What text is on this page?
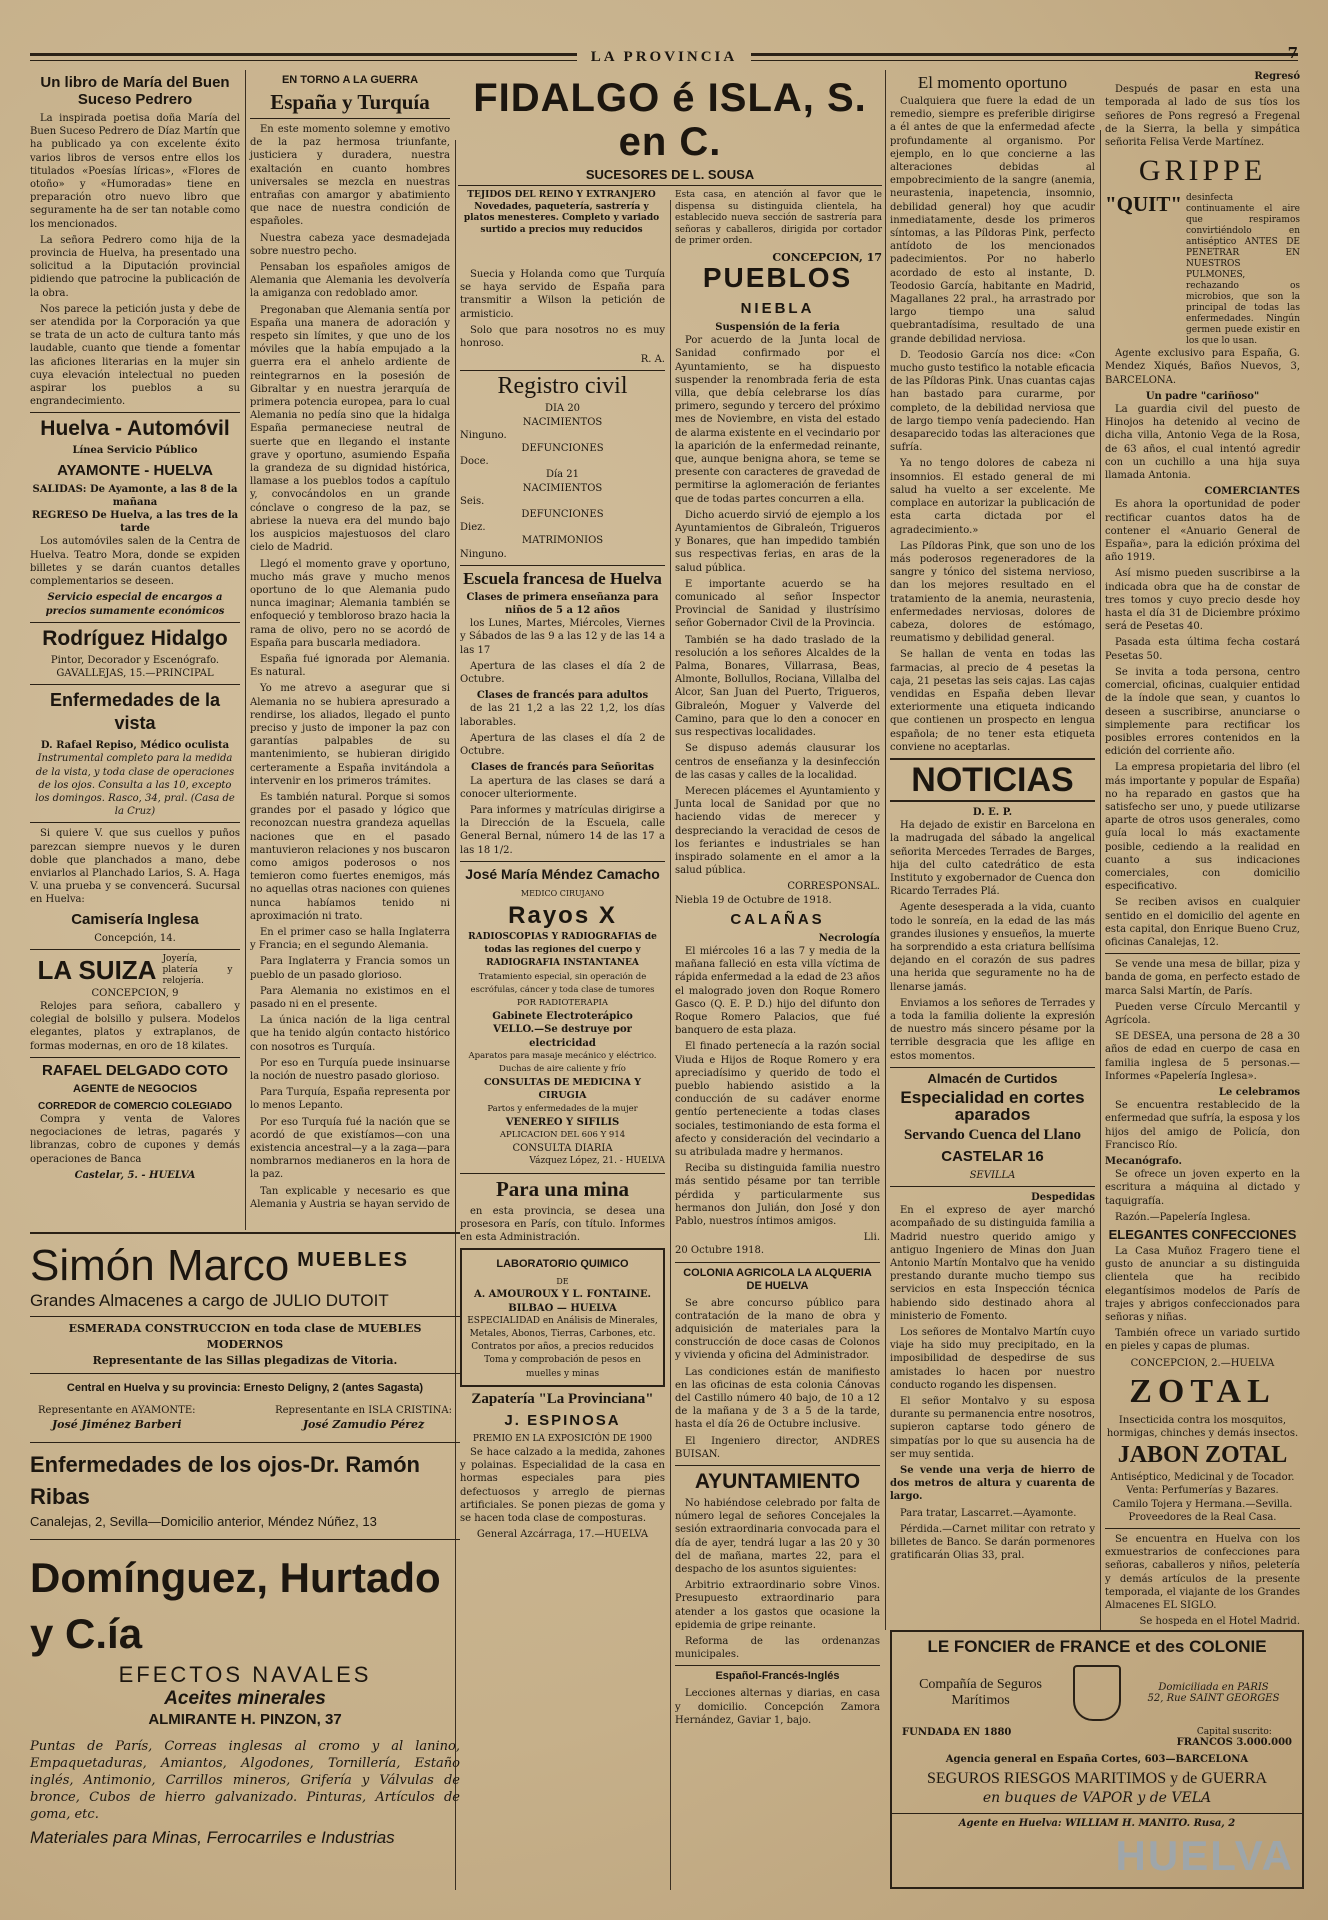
LA PROVINCIA	7
Un libro de María del Buen Suceso Pedrero

La inspirada poetisa doña María del Buen Suceso Pedrero de Díaz Martín que ha publicado ya con excelente éxito varios libros de versos entre ellos los titulados «Poesías líricas», «Flores de otoño» y «Humoradas» tiene en preparación otro nuevo libro que seguramente ha de ser tan notable como los mencionados.

La señora Pedrero como hija de la provincia de Huelva, ha presentado una solicitud a la Diputación provincial pidiendo que patrocine la publicación de la obra.

Nos parece la petición justa y debe de ser atendida por la Corporación ya que se trata de un acto de cultura tanto más laudable, cuanto que tiende a fomentar las aficiones literarias en la mujer sin cuya elevación intelectual no pueden aspirar los pueblos a su engrandecimiento.

Huelva - Automóvil
Línea Servicio Público
AYAMONTE - HUELVA
SALIDAS: De Ayamonte, a las 8 de la mañana
REGRESO De Huelva, a las tres de la tarde

Los automóviles salen de la Centra de Huelva. Teatro Mora, donde se expiden billetes y se darán cuantos detalles complementarios se deseen.

Servicio especial de encargos a precios sumamente económicos
Rodríguez Hidalgo
Pintor, Decorador y Escenógrafo. GAVALLEJAS, 15.—PRINCIPAL
Enfermedades de la vista
D. Rafael Repiso, Médico oculista
Instrumental completo para la medida de la vista, y toda clase de operaciones de los ojos. Consulta a las 10, excepto los domingos. Rasco, 34, pral. (Casa de la Cruz)

Si quiere V. que sus cuellos y puños parezcan siempre nuevos y le duren doble que planchados a mano, debe enviarlos al Planchado Larios, S. A. Haga V. una prueba y se convencerá. Sucursal en Huelva:

Camisería Inglesa
Concepción, 14.
LA SUIZA Joyería, platería y relojería.
CONCEPCION, 9

Relojes para señora, caballero y colegial de bolsillo y pulsera. Modelos elegantes, platos y extraplanos, de formas modernas, en oro de 18 kilates.

RAFAEL DELGADO COTO
AGENTE de NEGOCIOS
CORREDOR de COMERCIO COLEGIADO

Compra y venta de Valores negociaciones de letras, pagarés y libranzas, cobro de cupones y demás operaciones de Banca

Castelar, 5. - HUELVA
EN TORNO A LA GUERRA
España y Turquía

En este momento solemne y emotivo de la paz hermosa triunfante, justiciera y duradera, nuestra exaltación en cuanto hombres universales se mezcla en nuestras entrañas con amargor y abatimiento que nace de nuestra condición de españoles.

Nuestra cabeza yace desmadejada sobre nuestro pecho.

Pensaban los españoles amigos de Alemania que Alemania les devolvería la amiganza con redoblado amor.

Pregonaban que Alemania sentía por España una manera de adoración y respeto sin límites, y que uno de los móviles que la había empujado a la guerra era el anhelo ardiente de reintegrarnos en la posesión de Gibraltar y en nuestra jerarquía de primera potencia europea, para lo cual Alemania no pedía sino que la hidalga España permaneciese neutral de suerte que en llegando el instante grave y oportuno, asumiendo España la grandeza de su dignidad histórica, llamase a los pueblos todos a capítulo y, convocándolos en un grande cónclave o congreso de la paz, se abriese la nueva era del mundo bajo los auspicios majestuosos del claro cielo de Madrid.

Llegó el momento grave y oportuno, mucho más grave y mucho menos oportuno de lo que Alemania pudo nunca imaginar; Alemania también se enfoqueció y tembloroso brazo hacia la rama de olivo, pero no se acordó de España para buscarla mediadora.

España fué ignorada por Alemania. Es natural.

Yo me atrevo a asegurar que si Alemania no se hubiera apresurado a rendirse, los aliados, llegado el punto preciso y justo de imponer la paz con garantías palpables de su mantenimiento, se hubieran dirigido certeramente a España invitándola a intervenir en los primeros trámites.

Es también natural. Porque si somos grandes por el pasado y lógico que reconozcan nuestra grandeza aquellas naciones que en el pasado mantuvieron relaciones y nos buscaron como amigos poderosos o nos temieron como fuertes enemigos, más no aquellas otras naciones con quienes nunca habíamos tenido ni aproximación ni trato.

En el primer caso se halla Inglaterra y Francia; en el segundo Alemania.

Para Inglaterra y Francia somos un pueblo de un pasado glorioso.

Para Alemania no existimos en el pasado ni en el presente.

La única nación de la liga central que ha tenido algún contacto histórico con nosotros es Turquía.

Por eso en Turquía puede insinuarse la noción de nuestro pasado glorioso.

Para Turquía, España representa por lo menos Lepanto.

Por eso Turquía fué la nación que se acordó de que existíamos—con una existencia ancestral—y a la zaga—para nombrarnos medianeros en la hora de la paz.

Tan explicable y necesario es que Alemania y Austria se hayan servido de

FIDALGO é ISLA, S. en C.
SUCESORES DE L. SOUSA
TEJIDOS DEL REINO Y EXTRANJERO Novedades, paquetería, sastrería y platos menesteres. Completo y variado surtido a precios muy reducidos
Esta casa, en atención al favor que le dispensa su distinguida clientela, ha establecido nueva sección de sastrería para señoras y caballeros, dirigida por cortador de primer orden.
CONCEPCION, 17

Suecia y Holanda como que Turquía se haya servido de España para transmitir a Wilson la petición de armisticio.

Solo que para nosotros no es muy honroso.

R. A.
Registro civil
DIA 20
NACIMIENTOS
Ninguno.
DEFUNCIONES
Doce.
Día 21
NACIMIENTOS
Seis.
DEFUNCIONES
Diez.
MATRIMONIOS
Ninguno.
Escuela francesa de Huelva
Clases de primera enseñanza para niños de 5 a 12 años

los Lunes, Martes, Miércoles, Viernes y Sábados de las 9 a las 12 y de las 14 a las 17

Apertura de las clases el día 2 de Octubre.

Clases de francés para adultos

de las 21 1,2 a las 22 1,2, los días laborables.

Apertura de las clases el día 2 de Octubre.

Clases de francés para Señoritas

La apertura de las clases se dará a conocer ulteriormente.

Para informes y matrículas dirigirse a la Dirección de la Escuela, calle General Bernal, número 14 de las 17 a las 18 1/2.

José María Méndez Camacho
MEDICO CIRUJANO
Rayos X
RADIOSCOPIAS Y RADIOGRAFIAS de todas las regiones del cuerpo y RADIOGRAFIA INSTANTANEA
Tratamiento especial, sin operación de escrófulas, cáncer y toda clase de tumores POR RADIOTERAPIA
Gabinete Electroterápico
VELLO.—Se destruye por electricidad
Aparatos para masaje mecánico y eléctrico. Duchas de aire caliente y frío
CONSULTAS DE MEDICINA Y CIRUGIA
Partos y enfermedades de la mujer
VENEREO Y SIFILIS
APLICACION DEL 606 Y 914
CONSULTA DIARIA
Vázquez López, 21. - HUELVA
Para una mina

en esta provincia, se desea una prosesora en París, con título. Informes en esta Administración.

LABORATORIO QUIMICO
DE
A. AMOUROUX Y L. FONTAINE.
BILBAO — HUELVA
ESPECIALIDAD en Análisis de Minerales, Metales, Abonos, Tierras, Carbones, etc.
Contratos por años, a precios reducidos
Toma y comprobación de pesos en muelles y minas
Zapatería "La Provinciana"
J. ESPINOSA
PREMIO EN LA EXPOSICIÓN DE 1900

Se hace calzado a la medida, zahones y polainas. Especialidad de la casa en hormas especiales para pies defectuosos y arreglo de piernas artificiales. Se ponen piezas de goma y se hacen toda clase de composturas.

General Azcárraga, 17.—HUELVA
PUEBLOS
NIEBLA
Suspensión de la feria

Por acuerdo de la Junta local de Sanidad confirmado por el Ayuntamiento, se ha dispuesto suspender la renombrada feria de esta villa, que debía celebrarse los días primero, segundo y tercero del próximo mes de Noviembre, en vista del estado de alarma existente en el vecindario por la aparición de la enfermedad reinante, que, aunque benigna ahora, se teme se presente con caracteres de gravedad de permitirse la aglomeración de feriantes que de todas partes concurren a ella.

Dicho acuerdo sirvió de ejemplo a los Ayuntamientos de Gibraleón, Trigueros y Bonares, que han impedido también sus respectivas ferias, en aras de la salud pública.

E importante acuerdo se ha comunicado al señor Inspector Provincial de Sanidad y ilustrísimo señor Gobernador Civil de la Provincia.

También se ha dado traslado de la resolución a los señores Alcaldes de la Palma, Bonares, Villarrasa, Beas, Almonte, Bollullos, Rociana, Villalba del Alcor, San Juan del Puerto, Trigueros, Gibraleón, Moguer y Valverde del Camino, para que lo den a conocer en sus respectivas localidades.

Se dispuso además clausurar los centros de enseñanza y la desinfección de las casas y calles de la localidad.

Merecen plácemes el Ayuntamiento y Junta local de Sanidad por que no haciendo vidas de merecer y despreciando la veracidad de cesos de los feriantes e industriales se han inspirado solamente en el amor a la salud pública.

CORRESPONSAL.
Niebla 19 de Octubre de 1918.
CALAÑAS
Necrología

El miércoles 16 a las 7 y media de la mañana falleció en esta villa víctima de rápida enfermedad a la edad de 23 años el malogrado joven don Roque Romero Gasco (Q. E. P. D.) hijo del difunto don Roque Romero Palacios, que fué banquero de esta plaza.

El finado pertenecía a la razón social Viuda e Hijos de Roque Romero y era apreciadísimo y querido de todo el pueblo habiendo asistido a la conducción de su cadáver enorme gentío perteneciente a todas clases sociales, testimoniando de esta forma el afecto y consideración del vecindario a su atribulada madre y hermanos.

Reciba su distinguida familia nuestro más sentido pésame por tan terrible pérdida y particularmente sus hermanos don Julián, don José y don Pablo, nuestros íntimos amigos.

Lli.
20 Octubre 1918.
COLONIA AGRICOLA LA ALQUERIA DE HUELVA

Se abre concurso público para contratación de la mano de obra y adquisición de materiales para la construcción de doce casas de Colonos y vivienda y oficina del Administrador.

Las condiciones están de manifiesto en las oficinas de esta colonia Cánovas del Castillo número 40 bajo, de 10 a 12 de la mañana y de 3 a 5 de la tarde, hasta el día 26 de Octubre inclusive.

El Ingeniero director, ANDRES BUISAN.

AYUNTAMIENTO

No habiéndose celebrado por falta de número legal de señores Concejales la sesión extraordinaria convocada para el día de ayer, tendrá lugar a las 20 y 30 del de mañana, martes 22, para el despacho de los asuntos siguientes:

Arbitrio extraordinario sobre Vinos. Presupuesto extraordinario para atender a los gastos que ocasione la epidemia de gripe reinante.

Reforma de las ordenanzas municipales.

Español-Francés-Inglés

Lecciones alternas y diarias, en casa y domicilio. Concepción Zamora Hernández, Gaviar 1, bajo.

El momento oportuno

Cualquiera que fuere la edad de un remedio, siempre es preferible dirigirse a él antes de que la enfermedad afecte profundamente al organismo. Por ejemplo, en lo que concierne a las alteraciones debidas al empobrecimiento de la sangre (anemia, neurastenia, inapetencia, insomnio, debilidad general) hoy que acudir inmediatamente, desde los primeros síntomas, a las Píldoras Pink, perfecto antídoto de los mencionados padecimientos. Por no haberlo acordado de esto al instante, D. Teodosio García, habitante en Madrid, Magallanes 22 pral., ha arrastrado por largo tiempo una salud quebrantadísima, resultado de una grande debilidad nerviosa.

D. Teodosio García nos dice: «Con mucho gusto testifico la notable eficacia de las Píldoras Pink. Unas cuantas cajas han bastado para curarme, por completo, de la debilidad nerviosa que de largo tiempo venía padeciendo. Han desaparecido todas las alteraciones que sufría.

Ya no tengo dolores de cabeza ni insomnios. El estado general de mi salud ha vuelto a ser excelente. Me complace en autorizar la publicación de esta carta dictada por el agradecimiento.»

Las Píldoras Pink, que son uno de los más poderosos regeneradores de la sangre y tónico del sistema nervioso, dan los mejores resultado en el tratamiento de la anemia, neurastenia, enfermedades nerviosas, dolores de cabeza, dolores de estómago, reumatismo y debilidad general.

Se hallan de venta en todas las farmacias, al precio de 4 pesetas la caja, 21 pesetas las seis cajas. Las cajas vendidas en España deben llevar exteriormente una etiqueta indicando que contienen un prospecto en lengua española; de no tener esta etiqueta conviene no aceptarlas.

NOTICIAS
D. E. P.

Ha dejado de existir en Barcelona en la madrugada del sábado la angelical señorita Mercedes Terrades de Barges, hija del culto catedrático de esta Instituto y exgobernador de Cuenca don Ricardo Terrades Plá.

Agente desesperada a la vida, cuanto todo le sonreía, en la edad de las más grandes ilusiones y ensueños, la muerte ha sorprendido a esta criatura bellísima dejando en el corazón de sus padres una herida que seguramente no ha de llenarse jamás.

Enviamos a los señores de Terrades y a toda la familia doliente la expresión de nuestro más sincero pésame por la terrible desgracia que les aflige en estos momentos.

Almacén de Curtidos
Especialidad en cortes aparados
Servando Cuenca del Llano
CASTELAR 16
SEVILLA
Despedidas

En el expreso de ayer marchó acompañado de su distinguida familia a Madrid nuestro querido amigo y antiguo Ingeniero de Minas don Juan Antonio Martín Montalvo que ha venido prestando durante mucho tiempo sus servicios en esta Inspección técnica habiendo sido destinado ahora al ministerio de Fomento.

Los señores de Montalvo Martín cuyo viaje ha sido muy precipitado, en la imposibilidad de despedirse de sus amistades lo hacen por nuestro conducto rogando les dispensen.

El señor Montalvo y su esposa durante su permanencia entre nosotros, supieron captarse todo género de simpatías por lo que su ausencia ha de ser muy sentida.

Se vende una verja de hierro de dos metros de altura y cuarenta de largo.

Para tratar, Lascarret.—Ayamonte.

Pérdida.—Carnet militar con retrato y billetes de Banco. Se darán pormenores gratificarán Olias 33, pral.

Regresó

Después de pasar en esta una temporada al lado de sus tíos los señores de Pons regresó a Fregenal de la Sierra, la bella y simpática señorita Felisa Verde Martínez.

GRIPPE
"QUIT" desinfecta continuamente el aire que respiramos convirtiéndolo en antiséptico ANTES DE PENETRAR EN NUESTROS PULMONES, rechazando os microbios, que son la principal de todas las enfermedades. Ningún germen puede existir en los que lo usan.

Agente exclusivo para España, G. Mendez Xiqués, Baños Nuevos, 3, BARCELONA.

Un padre "cariñoso"

La guardia civil del puesto de Hinojos ha detenido al vecino de dicha villa, Antonio Vega de la Rosa, de 63 años, el cual intentó agredir con un cuchillo a una hija suya llamada Antonia.

COMERCIANTES

Es ahora la oportunidad de poder rectificar cuantos datos ha de contener el «Anuario General de España», para la edición próxima del año 1919.

Así mismo pueden suscribirse a la indicada obra que ha de constar de tres tomos y cuyo precio desde hoy hasta el día 31 de Diciembre próximo será de Pesetas 40.

Pasada esta última fecha costará Pesetas 50.

Se invita a toda persona, centro comercial, oficinas, cualquier entidad de la índole que sean, y cuantos lo deseen a suscribirse, anunciarse o simplemente para rectificar los posibles errores contenidos en la edición del corriente año.

La empresa propietaria del libro (el más importante y popular de España) no ha reparado en gastos que ha satisfecho ser uno, y puede utilizarse aparte de otros usos generales, como guía local lo más exactamente posible, cediendo a la realidad en cuanto a sus indicaciones comerciales, con domicilio especificativo.

Se reciben avisos en cualquier sentido en el domicilio del agente en esta capital, don Enrique Bueno Cruz, oficinas Canalejas, 12.

Se vende una mesa de billar, piza y banda de goma, en perfecto estado de marca Salsi Martín, de París.

Pueden verse Círculo Mercantil y Agrícola.

SE DESEA, una persona de 28 a 30 años de edad en cuerpo de casa en familia inglesa de 5 personas.—Informes «Papelería Inglesa».

Le celebramos

Se encuentra restablecido de la enfermedad que sufría, la esposa y los hijos del amigo de Policía, don Francisco Río.

Mecanógrafo.

Se ofrece un joven experto en la escritura a máquina al dictado y taquigrafía.

Razón.—Papelería Inglesa.

ELEGANTES CONFECCIONES

La Casa Muñoz Fragero tiene el gusto de anunciar a su distinguida clientela que ha recibido elegantísimos modelos de París de trajes y abrigos confeccionados para señoras y niñas.

También ofrece un variado surtido en pieles y capas de plumas.

CONCEPCION, 2.—HUELVA
ZOTAL
Insecticida contra los mosquitos, hormigas, chinches y demás insectos.
JABON ZOTAL
Antiséptico, Medicinal y de Tocador. Venta: Perfumerías y Bazares.
Camilo Tojera y Hermana.—Sevilla. Proveedores de la Real Casa.

Se encuentra en Huelva con los exmuestrarios de confecciones para señoras, caballeros y niños, peletería y demás artículos de la presente temporada, el viajante de los Grandes Almacenes EL SIGLO.

Se hospeda en el Hotel Madrid.
Simón Marco MUEBLES
Grandes Almacenes a cargo de JULIO DUTOIT
ESMERADA CONSTRUCCION en toda clase de MUEBLES MODERNOS
Representante de las Sillas plegadizas de Vitoria.
Central en Huelva y su provincia: Ernesto Deligny, 2 (antes Sagasta)
Representante en AYAMONTE:
José Jiménez Barberi
Representante en ISLA CRISTINA:
José Zamudio Pérez
Enfermedades de los ojos-Dr. Ramón Ribas
Canalejas, 2, Sevilla—Domicilio anterior, Méndez Núñez, 13
Domínguez, Hurtado y C.ía
EFECTOS NAVALES
Aceites minerales
ALMIRANTE H. PINZON, 37
Puntas de París, Correas inglesas al cromo y al lanino, Empaquetaduras, Amiantos, Algodones, Tornillería, Estaño inglés, Antimonio, Carrillos mineros, Grifería y Válvulas de bronce, Cubos de hierro galvanizado. Pinturas, Artículos de goma, etc.
Materiales para Minas, Ferrocarriles e Industrias
LE FONCIER de FRANCE et des COLONIE
Compañía de Seguros Marítimos
Domiciliada en PARIS
52, Rue SAINT GEORGES
FUNDADA EN 1880	Capital suscrito:
FRANCOS 3.000.000
Agencia general en España Cortes, 603—BARCELONA
SEGUROS RIESGOS MARITIMOS y de GUERRA
en buques de VAPOR y de VELA
Agente en Huelva: WILLIAM H. MANITO. Rusa, 2
HUELVA
